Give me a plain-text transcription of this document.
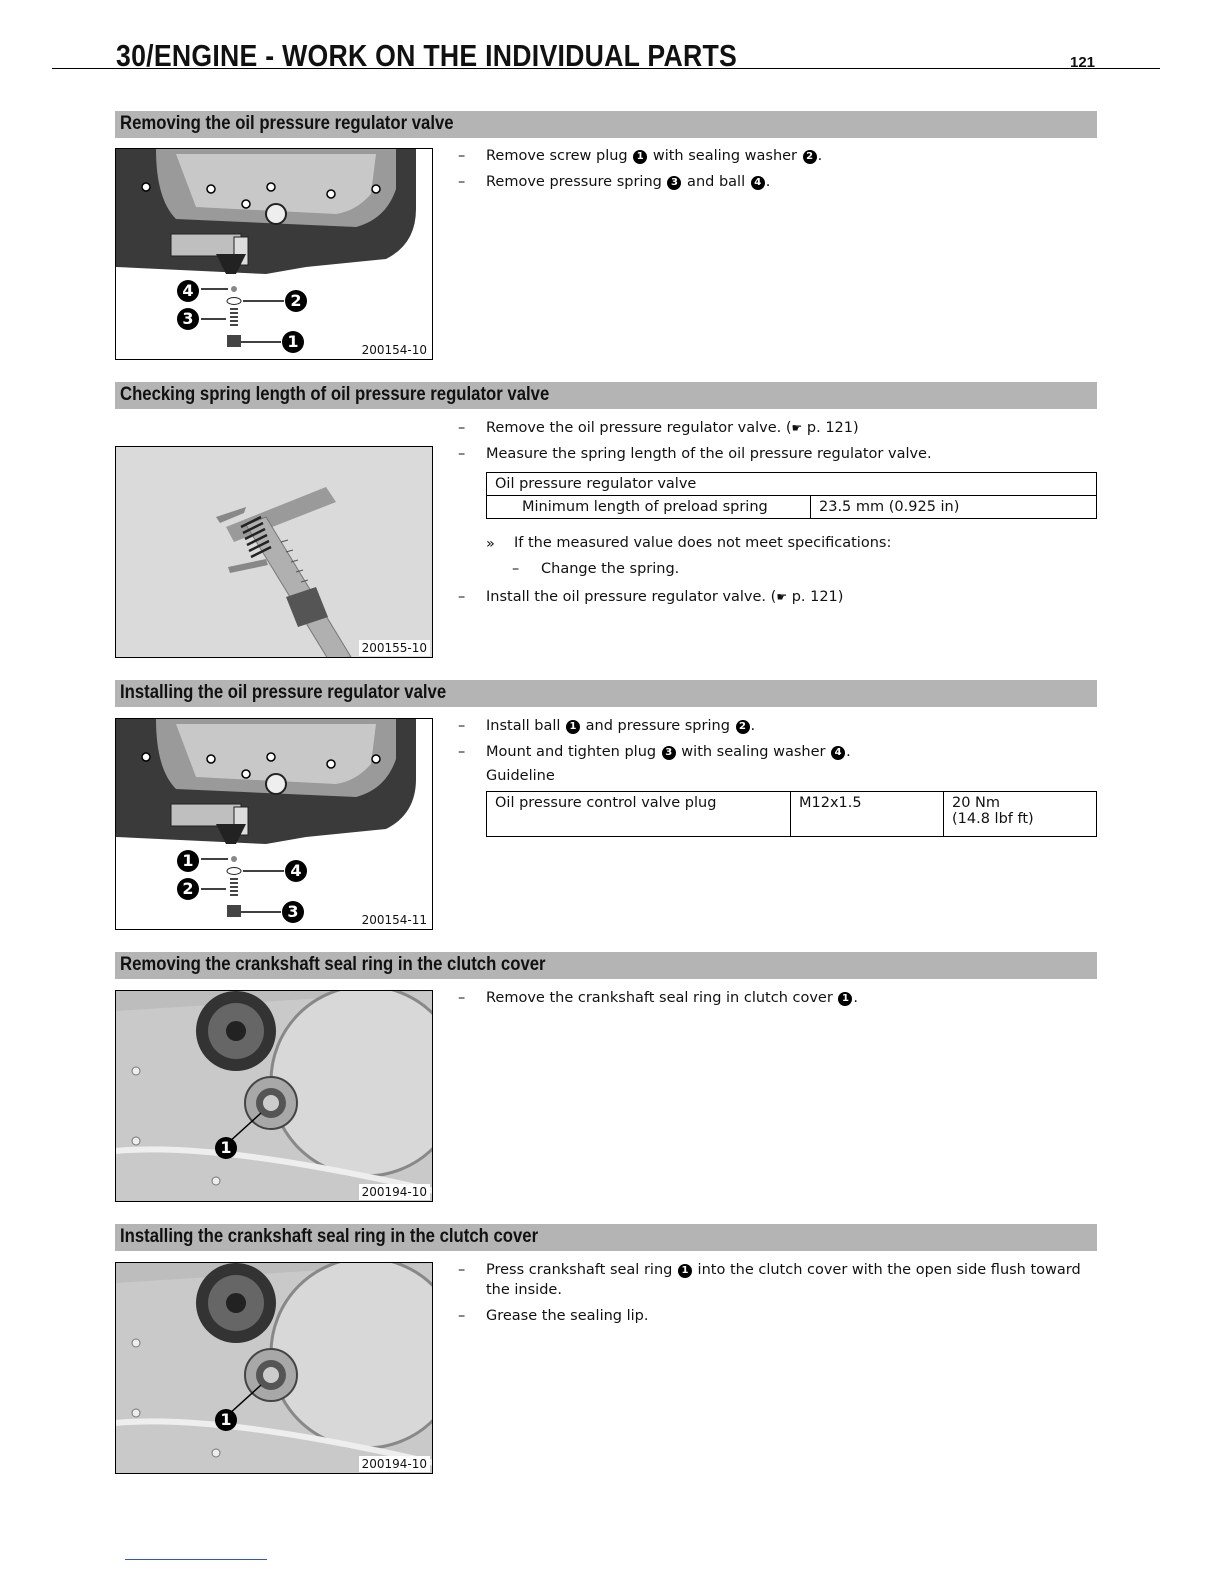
30/ENGINE - WORK ON THE INDIVIDUAL PARTS	121
Removing the oil pressure regulator valve
4
2
3
1	200154-10
– Remove screw plug 1 with sealing washer 2 .
– Remove pressure spring 3 and ball 4 .
Checking spring length of oil pressure regulator valve
200155-10
– Remove the oil pressure regulator valve. (☛ p. 121)
– Measure the spring length of the oil pressure regulator valve.
Oil pressure regulator valve
Minimum length of preload spring	23.5 mm (0.925 in)
» If the measured value does not meet specifications:
– Change the spring.
– Install the oil pressure regulator valve. (☛ p. 121)
Installing the oil pressure regulator valve
1
4
2
3	200154-11
– Install ball 1 and pressure spring 2 .
– Mount and tighten plug 3 with sealing washer 4 .
Guideline
Oil pressure control valve plug	M12x1.5	20 Nm
(14.8 lbf ft)
Removing the crankshaft seal ring in the clutch cover
1
200194-10
– Remove the crankshaft seal ring in clutch cover 1 .
Installing the crankshaft seal ring in the clutch cover
1
200194-10
– Press crankshaft seal ring 1 into the clutch cover with the open side flush toward the inside.
– Grease the sealing lip.
